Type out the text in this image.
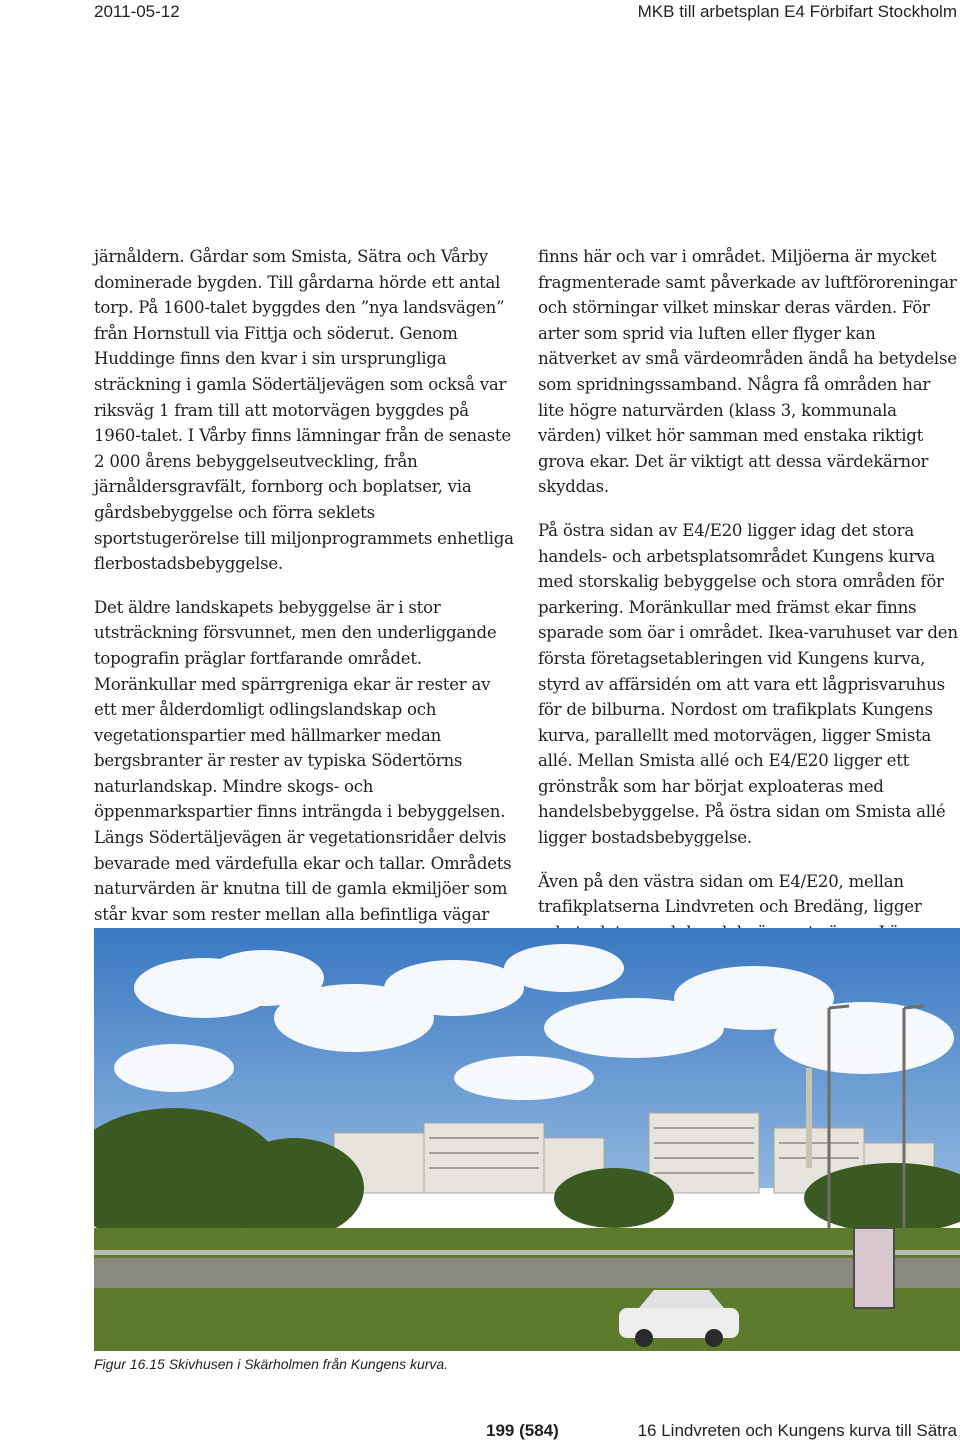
2011-05-12	MKB till arbetsplan E4 Förbifart Stockholm

järnåldern. Gårdar som Smista, Sätra och Vårby dominerade bygden. Till gårdarna hörde ett antal torp. På 1600-talet byggdes den ”nya landsvägen” från Hornstull via Fittja och söderut. Genom Huddinge finns den kvar i sin ursprungliga sträckning i gamla Södertäljevägen som också var riksväg 1 fram till att motorvägen byggdes på 1960-talet. I Vårby finns lämningar från de senaste 2 000 årens bebyggelseutveckling, från järnåldersgravfält, fornborg och boplatser, via gårdsbebyggelse och förra seklets sportstugerörelse till miljonprogrammets enhetliga flerbostadsbebyggelse.

Det äldre landskapets bebyggelse är i stor utsträckning försvunnet, men den underliggande topografin präglar fortfarande området. Moränkullar med spärrgreniga ekar är rester av ett mer ålderdomligt odlingslandskap och vegetationspartier med hällmarker medan bergsbranter är rester av typiska Södertörns naturlandskap. Mindre skogs- och öppenmarkspartier finns inträngda i bebyggelsen. Längs Södertäljevägen är vegetationsridåer delvis bevarade med värdefulla ekar och tallar. Områdets naturvärden är knutna till de gamla ekmiljöer som står kvar som rester mellan alla befintliga vägar

finns här och var i området. Miljöerna är mycket fragmenterade samt påverkade av luftföroreningar och störningar vilket minskar deras värden. För arter som sprid via luften eller flyger kan nätverket av små värdeområden ändå ha betydelse som spridningssamband. Några få områden har lite högre naturvärden (klass 3, kommunala värden) vilket hör samman med enstaka riktigt grova ekar. Det är viktigt att dessa värdekärnor skyddas.

På östra sidan av E4/E20 ligger idag det stora handels- och arbetsplatsområdet Kungens kurva med storskalig bebyggelse och stora områden för parkering. Moränkullar med främst ekar finns sparade som öar i området. Ikea-varuhuset var den första företagsetableringen vid Kungens kurva, styrd av affärsidén om att vara ett lågprisvaruhus för de bilburna. Nordost om trafikplats Kungens kurva, parallellt med motorvägen, ligger Smista allé. Mellan Smista allé och E4/E20 ligger ett grönstråk som har börjat exploateras med handelsbebyggelse. På östra sidan om Smista allé ligger bostadsbebyggelse.

Även på den västra sidan om E4/E20, mellan trafikplatserna Lindvreten och Bredäng, ligger

Figur 16.15 Skivhusen i Skärholmen från Kungens kurva.
199 (584)	16 Lindvreten och Kungens kurva till Sätra
